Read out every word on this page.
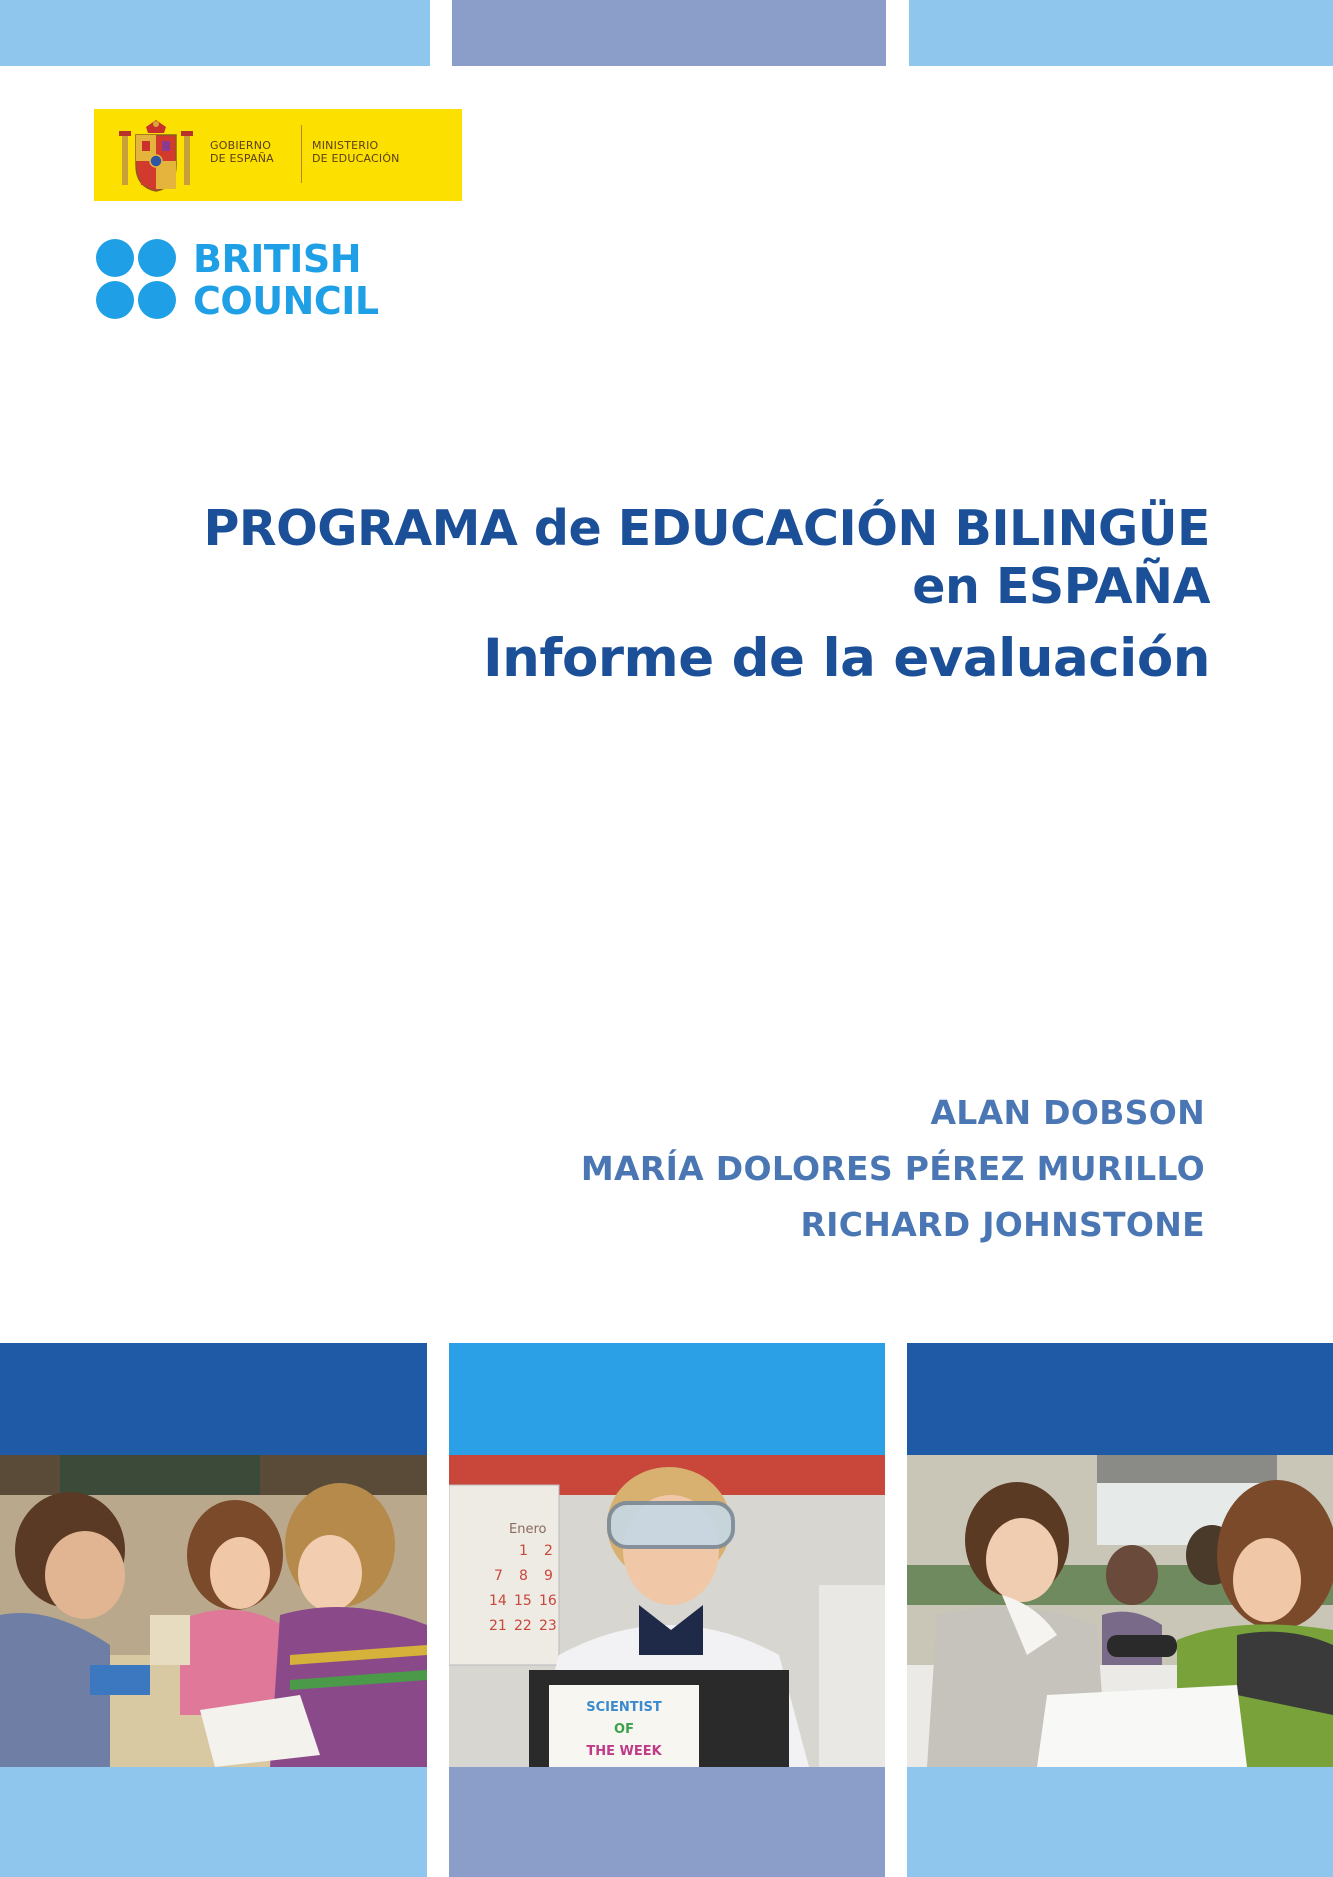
GOBIERNO
DE ESPAÑA
MINISTERIO
DE EDUCACIÓN
BRITISH
COUNCIL
PROGRAMA de EDUCACIÓN BILINGÜE
en ESPAÑA
Informe de la evaluación
ALAN DOBSON
MARÍA DOLORES PÉREZ MURILLO
RICHARD JOHNSTONE
Enero
1 2
7 8 9
14 15 16
21 22 23
SCIENTIST
OF
THE WEEK
